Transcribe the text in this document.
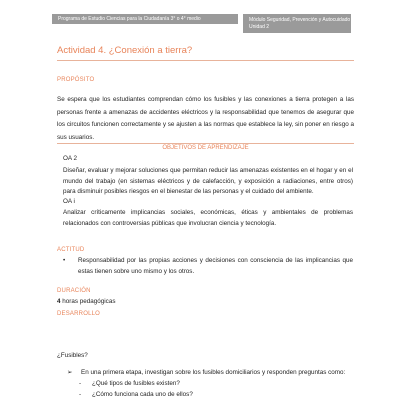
Programa de Estudio Ciencias para la Ciudadanía 3° o 4° medio	Módulo Seguridad, Prevención y Autocuidado
Unidad 2
Actividad 4. ¿Conexión a tierra?
PROPÓSITO
Se espera que los estudiantes comprendan cómo los fusibles y las conexiones a tierra protegen a las personas frente a amenazas de accidentes eléctricos y la responsabilidad que tenemos de asegurar que los circuitos funcionen correctamente y se ajusten a las normas que establece la ley, sin poner en riesgo a sus usuarios.
OBJETIVOS DE APRENDIZAJE
OA 2
Diseñar, evaluar y mejorar soluciones que permitan reducir las amenazas existentes en el hogar y en el mundo del trabajo (en sistemas eléctricos y de calefacción, y exposición a radiaciones, entre otros) para disminuir posibles riesgos en el bienestar de las personas y el cuidado del ambiente.
OA i
Analizar críticamente implicancias sociales, económicas, éticas y ambientales de problemas relacionados con controversias públicas que involucran ciencia y tecnología.
ACTITUD
• Responsabilidad por las propias acciones y decisiones con consciencia de las implicancias que estas tienen sobre uno mismo y los otros.
DURACIÓN
4 horas pedagógicas
DESARROLLO
¿Fusibles?
➢ En una primera etapa, investigan sobre los fusibles domiciliarios y responden preguntas como:
- ¿Qué tipos de fusibles existen?
- ¿Cómo funciona cada uno de ellos?
